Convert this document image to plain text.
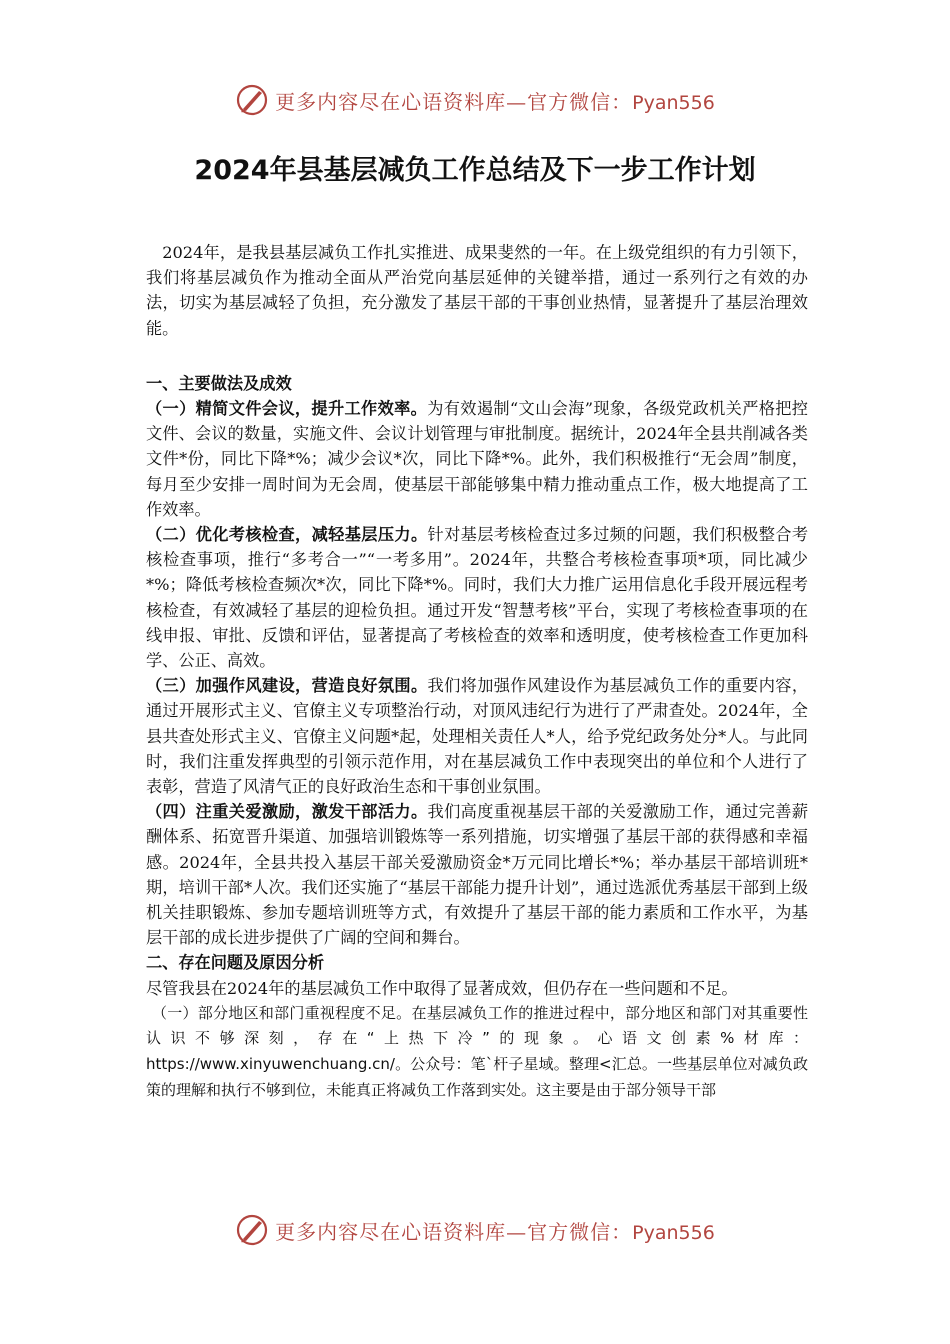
更多内容尽在心语资料库—官方微信：Pyan556
2024年县基层减负工作总结及下一步工作计划

2024年，是我县基层减负工作扎实推进、成果斐然的一年。在上级党组织的有力引领下，我们将基层减负作为推动全面从严治党向基层延伸的关键举措，通过一系列行之有效的办法，切实为基层减轻了负担，充分激发了基层干部的干事创业热情，显著提升了基层治理效能。

一、主要做法及成效

（一）精简文件会议，提升工作效率。为有效遏制“文山会海”现象，各级党政机关严格把控文件、会议的数量，实施文件、会议计划管理与审批制度。据统计，2024年全县共削减各类文件*份，同比下降*%；减少会议*次，同比下降*%。此外，我们积极推行“无会周”制度，每月至少安排一周时间为无会周，使基层干部能够集中精力推动重点工作，极大地提高了工作效率。

（二）优化考核检查，减轻基层压力。针对基层考核检查过多过频的问题，我们积极整合考核检查事项，推行“多考合一”“一考多用”。2024年，共整合考核检查事项*项，同比减少*%；降低考核检查频次*次，同比下降*%。同时，我们大力推广运用信息化手段开展远程考核检查，有效减轻了基层的迎检负担。通过开发“智慧考核”平台，实现了考核检查事项的在线申报、审批、反馈和评估，显著提高了考核检查的效率和透明度，使考核检查工作更加科学、公正、高效。

（三）加强作风建设，营造良好氛围。我们将加强作风建设作为基层减负工作的重要内容，通过开展形式主义、官僚主义专项整治行动，对顶风违纪行为进行了严肃查处。2024年，全县共查处形式主义、官僚主义问题*起，处理相关责任人*人，给予党纪政务处分*人。与此同时，我们注重发挥典型的引领示范作用，对在基层减负工作中表现突出的单位和个人进行了表彰，营造了风清气正的良好政治生态和干事创业氛围。

（四）注重关爱激励，激发干部活力。我们高度重视基层干部的关爱激励工作，通过完善薪酬体系、拓宽晋升渠道、加强培训锻炼等一系列措施，切实增强了基层干部的获得感和幸福感。2024年，全县共投入基层干部关爱激励资金*万元同比增长*%；举办基层干部培训班*期，培训干部*人次。我们还实施了“基层干部能力提升计划”，通过选派优秀基层干部到上级机关挂职锻炼、参加专题培训班等方式，有效提升了基层干部的能力素质和工作水平，为基层干部的成长进步提供了广阔的空间和舞台。

二、存在问题及原因分析

尽管我县在2024年的基层减负工作中取得了显著成效，但仍存在一些问题和不足。

（一）部分地区和部门重视程度不足。在基层减负工作的推进过程中，部分地区和部门对其重要性认识不够深刻，存在“上热下冷”的现象。心语文创素%材库：https://www.xinyuwenchuang.cn/。公众号：笔`杆子星域。整理<汇总。一些基层单位对减负政策的理解和执行不够到位，未能真正将减负工作落到实处。这主要是由于部分领导干部

更多内容尽在心语资料库—官方微信：Pyan556
